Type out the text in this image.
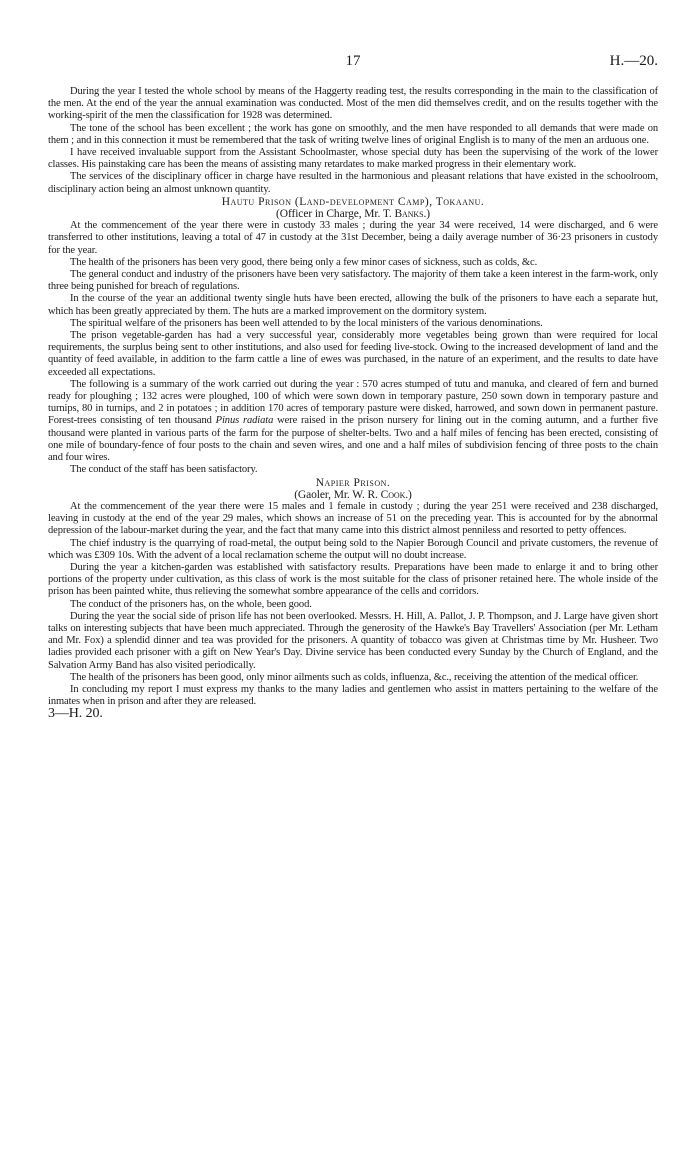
17	H.—20.

During the year I tested the whole school by means of the Haggerty reading test, the results corresponding in the main to the classification of the men. At the end of the year the annual examination was conducted. Most of the men did themselves credit, and on the results together with the working-spirit of the men the classification for 1928 was determined.

The tone of the school has been excellent ; the work has gone on smoothly, and the men have responded to all demands that were made on them ; and in this connection it must be remembered that the task of writing twelve lines of original English is to many of the men an arduous one.

I have received invaluable support from the Assistant Schoolmaster, whose special duty has been the supervising of the work of the lower classes. His painstaking care has been the means of assisting many retardates to make marked progress in their elementary work.

The services of the disciplinary officer in charge have resulted in the harmonious and pleasant relations that have existed in the schoolroom, disciplinary action being an almost unknown quantity.

Hautu Prison (Land-development Camp), Tokaanu.

(Officer in Charge, Mr. T. Banks.)

At the commencement of the year there were in custody 33 males ; during the year 34 were received, 14 were discharged, and 6 were transferred to other institutions, leaving a total of 47 in custody at the 31st December, being a daily average number of 36·23 prisoners in custody for the year.

The health of the prisoners has been very good, there being only a few minor cases of sickness, such as colds, &c.

The general conduct and industry of the prisoners have been very satisfactory. The majority of them take a keen interest in the farm-work, only three being punished for breach of regulations.

In the course of the year an additional twenty single huts have been erected, allowing the bulk of the prisoners to have each a separate hut, which has been greatly appreciated by them. The huts are a marked improvement on the dormitory system.

The spiritual welfare of the prisoners has been well attended to by the local ministers of the various denominations.

The prison vegetable-garden has had a very successful year, considerably more vegetables being grown than were required for local requirements, the surplus being sent to other institutions, and also used for feeding live-stock. Owing to the increased development of land and the quantity of feed available, in addition to the farm cattle a line of ewes was purchased, in the nature of an experiment, and the results to date have exceeded all expectations.

The following is a summary of the work carried out during the year : 570 acres stumped of tutu and manuka, and cleared of fern and burned ready for ploughing ; 132 acres were ploughed, 100 of which were sown down in temporary pasture, 250 sown down in temporary pasture and turnips, 80 in turnips, and 2 in potatoes ; in addition 170 acres of temporary pasture were disked, harrowed, and sown down in permanent pasture. Forest-trees consisting of ten thousand Pinus radiata were raised in the prison nursery for lining out in the coming autumn, and a further five thousand were planted in various parts of the farm for the purpose of shelter-belts. Two and a half miles of fencing has been erected, consisting of one mile of boundary-fence of four posts to the chain and seven wires, and one and a half miles of subdivision fencing of three posts to the chain and four wires.

The conduct of the staff has been satisfactory.

Napier Prison.

(Gaoler, Mr. W. R. Cook.)

At the commencement of the year there were 15 males and 1 female in custody ; during the year 251 were received and 238 discharged, leaving in custody at the end of the year 29 males, which shows an increase of 51 on the preceding year. This is accounted for by the abnormal depression of the labour-market during the year, and the fact that many came into this district almost penniless and resorted to petty offences.

The chief industry is the quarrying of road-metal, the output being sold to the Napier Borough Council and private customers, the revenue of which was £309 10s. With the advent of a local reclamation scheme the output will no doubt increase.

During the year a kitchen-garden was established with satisfactory results. Preparations have been made to enlarge it and to bring other portions of the property under cultivation, as this class of work is the most suitable for the class of prisoner retained here. The whole inside of the prison has been painted white, thus relieving the somewhat sombre appearance of the cells and corridors.

The conduct of the prisoners has, on the whole, been good.

During the year the social side of prison life has not been overlooked. Messrs. H. Hill, A. Pallot, J. P. Thompson, and J. Large have given short talks on interesting subjects that have been much appreciated. Through the generosity of the Hawke's Bay Travellers' Association (per Mr. Letham and Mr. Fox) a splendid dinner and tea was provided for the prisoners. A quantity of tobacco was given at Christmas time by Mr. Husheer. Two ladies provided each prisoner with a gift on New Year's Day. Divine service has been conducted every Sunday by the Church of England, and the Salvation Army Band has also visited periodically.

The health of the prisoners has been good, only minor ailments such as colds, influenza, &c., receiving the attention of the medical officer.

In concluding my report I must express my thanks to the many ladies and gentlemen who assist in matters pertaining to the welfare of the inmates when in prison and after they are released.

3—H. 20.
